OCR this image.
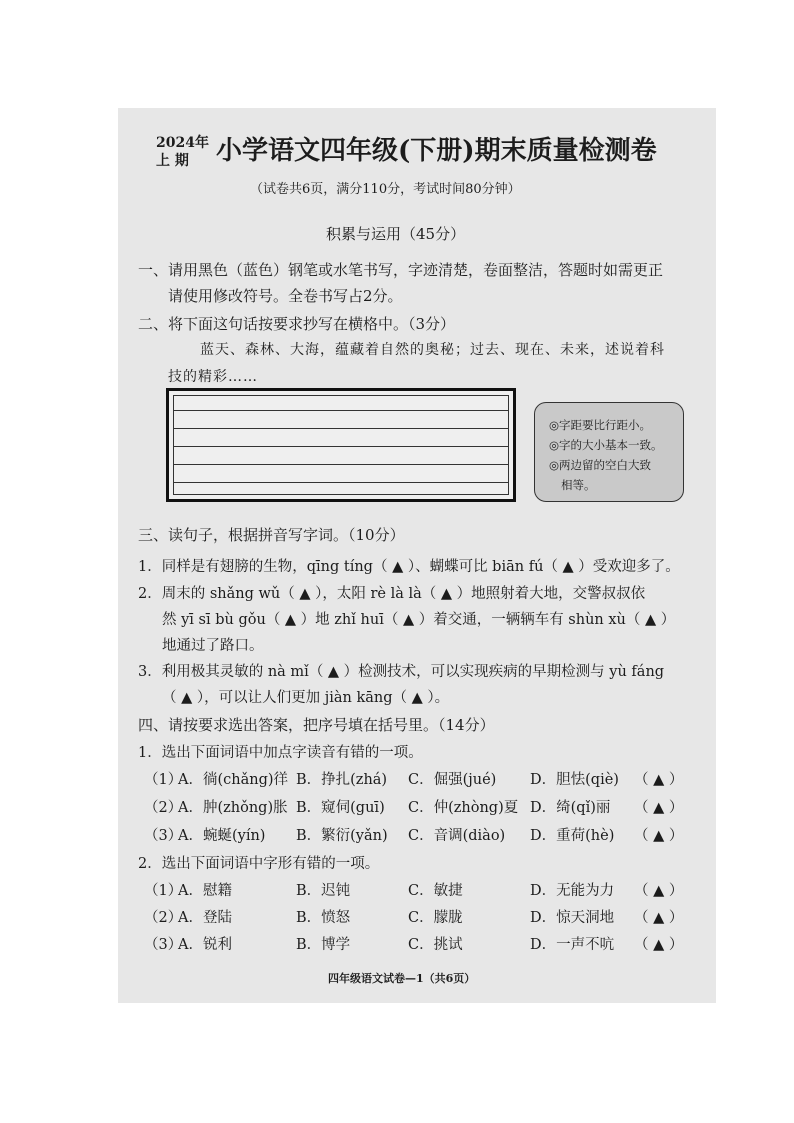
2024年
上 期 小学语文四年级(下册)期末质量检测卷
（试卷共6页，满分110分，考试时间80分钟）
积累与运用（45分）
一、请用黑色（蓝色）钢笔或水笔书写，字迹清楚，卷面整洁，答题时如需更正
请使用修改符号。全卷书写占2分。
二、将下面这句话按要求抄写在横格中。（3分）
蓝天、森林、大海，蕴藏着自然的奥秘；过去、现在、未来，述说着科
技的精彩……
◎字距要比行距小。
◎字的大小基本一致。
◎两边留的空白大致
相等。
三、读句子，根据拼音写字词。（10分）
1．同样是有翅膀的生物，qīng tíng（ ▲ ）、蝴蝶可比 biān fú（ ▲ ）受欢迎多了。
2．周末的 shǎng wǔ（ ▲ ），太阳 rè là là（ ▲ ）地照射着大地，交警叔叔依
然 yī sī bù gǒu（ ▲ ）地 zhǐ huī（ ▲ ）着交通，一辆辆车有 shùn xù（ ▲ ）
地通过了路口。
3．利用极其灵敏的 nà mǐ（ ▲ ）检测技术，可以实现疾病的早期检测与 yù fáng
（ ▲ ），可以让人们更加 jiàn kāng（ ▲ ）。
四、请按要求选出答案，把序号填在括号里。（14分）
1．选出下面词语中加点字读音有错的一项。
（1）
A．徜(chǎng)徉 B．挣扎(zhá) C．倔强(jué) D．胆怯(qiè) （ ▲ ）
（2）
A．肿(zhǒng)胀 B．窥伺(guī) C．仲(zhòng)夏 D．绮(qǐ)丽 （ ▲ ）
（3）
A．蜿蜒(yín) B．繁衍(yǎn) C．音调(diào) D．重荷(hè) （ ▲ ）
2．选出下面词语中字形有错的一项。
（1）
A．慰籍	B．迟钝	C．敏捷	D．无能为力 （ ▲ ）
（2）
A．登陆	B．愤怒	C．朦胧	D．惊天洞地 （ ▲ ）
（3）
A．锐利	B．博学	C．挑试	D．一声不吭 （ ▲ ）
四年级语文试卷—1（共6页）
